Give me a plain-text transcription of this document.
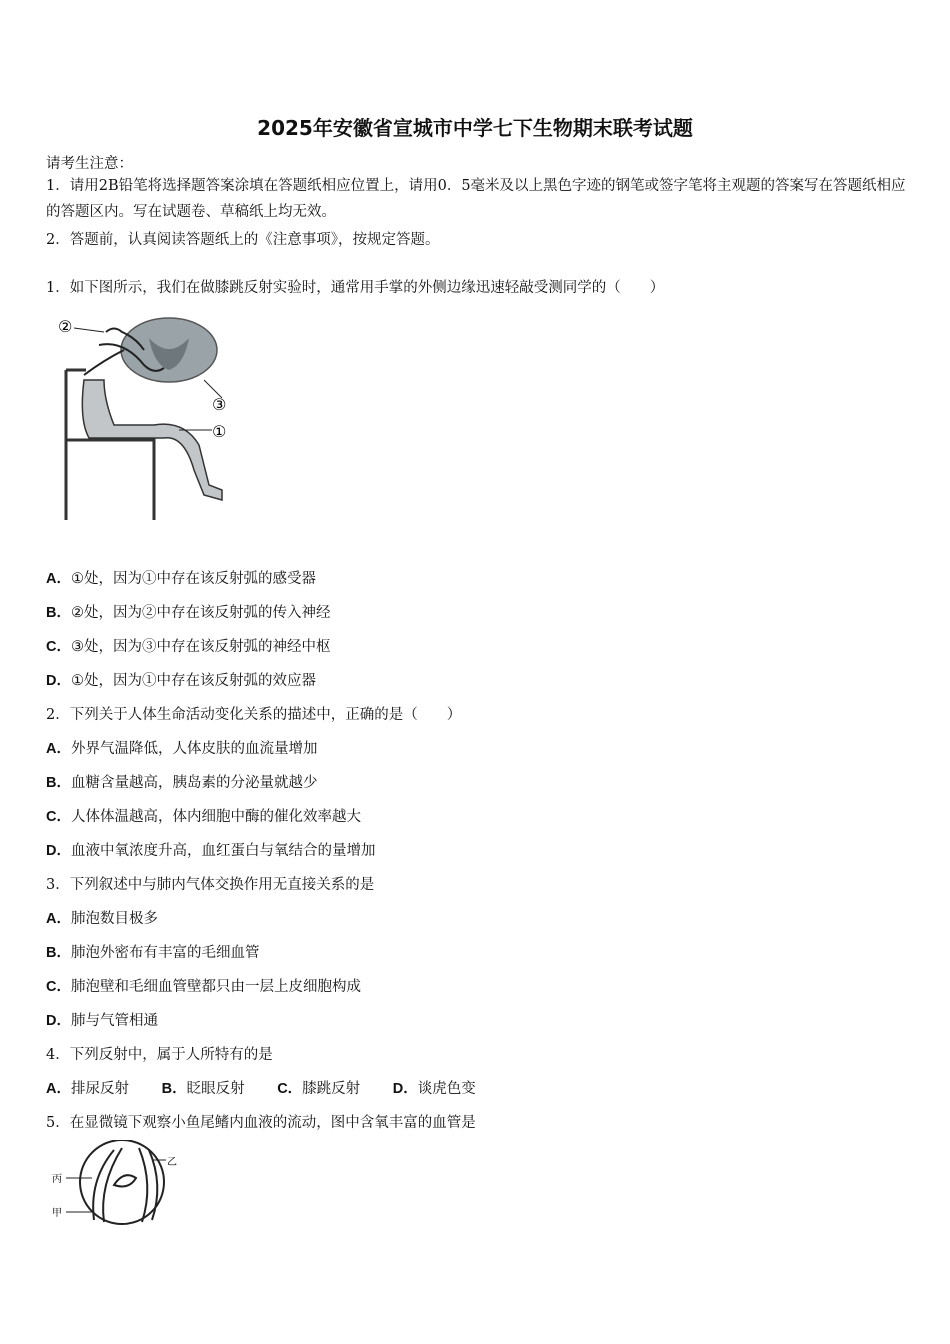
2025年安徽省宣城市中学七下生物期末联考试题
请考生注意：
1．请用2B铅笔将选择题答案涂填在答题纸相应位置上，请用0．5毫米及以上黑色字迹的钢笔或签字笔将主观题的答案写在答题纸相应的答题区内。写在试题卷、草稿纸上均无效。
2．答题前，认真阅读答题纸上的《注意事项》，按规定答题。
1．如下图所示，我们在做膝跳反射实验时，通常用手掌的外侧边缘迅速轻敲受测同学的（　　）
②
③
①
A．①处，因为①中存在该反射弧的感受器
B．②处，因为②中存在该反射弧的传入神经
C．③处，因为③中存在该反射弧的神经中枢
D．①处，因为①中存在该反射弧的效应器
2．下列关于人体生命活动变化关系的描述中，正确的是（　　）
A．外界气温降低，人体皮肤的血流量增加
B．血糖含量越高，胰岛素的分泌量就越少
C．人体体温越高，体内细胞中酶的催化效率越大
D．血液中氧浓度升高，血红蛋白与氧结合的量增加
3．下列叙述中与肺内气体交换作用无直接关系的是
A．肺泡数目极多
B．肺泡外密布有丰富的毛细血管
C．肺泡壁和毛细血管壁都只由一层上皮细胞构成
D．肺与气管相通
4．下列反射中，属于人所特有的是
A．排尿反射 B．眨眼反射 C．膝跳反射 D．谈虎色变
5．在显微镜下观察小鱼尾鳍内血液的流动，图中含氧丰富的血管是
乙
丙
甲
